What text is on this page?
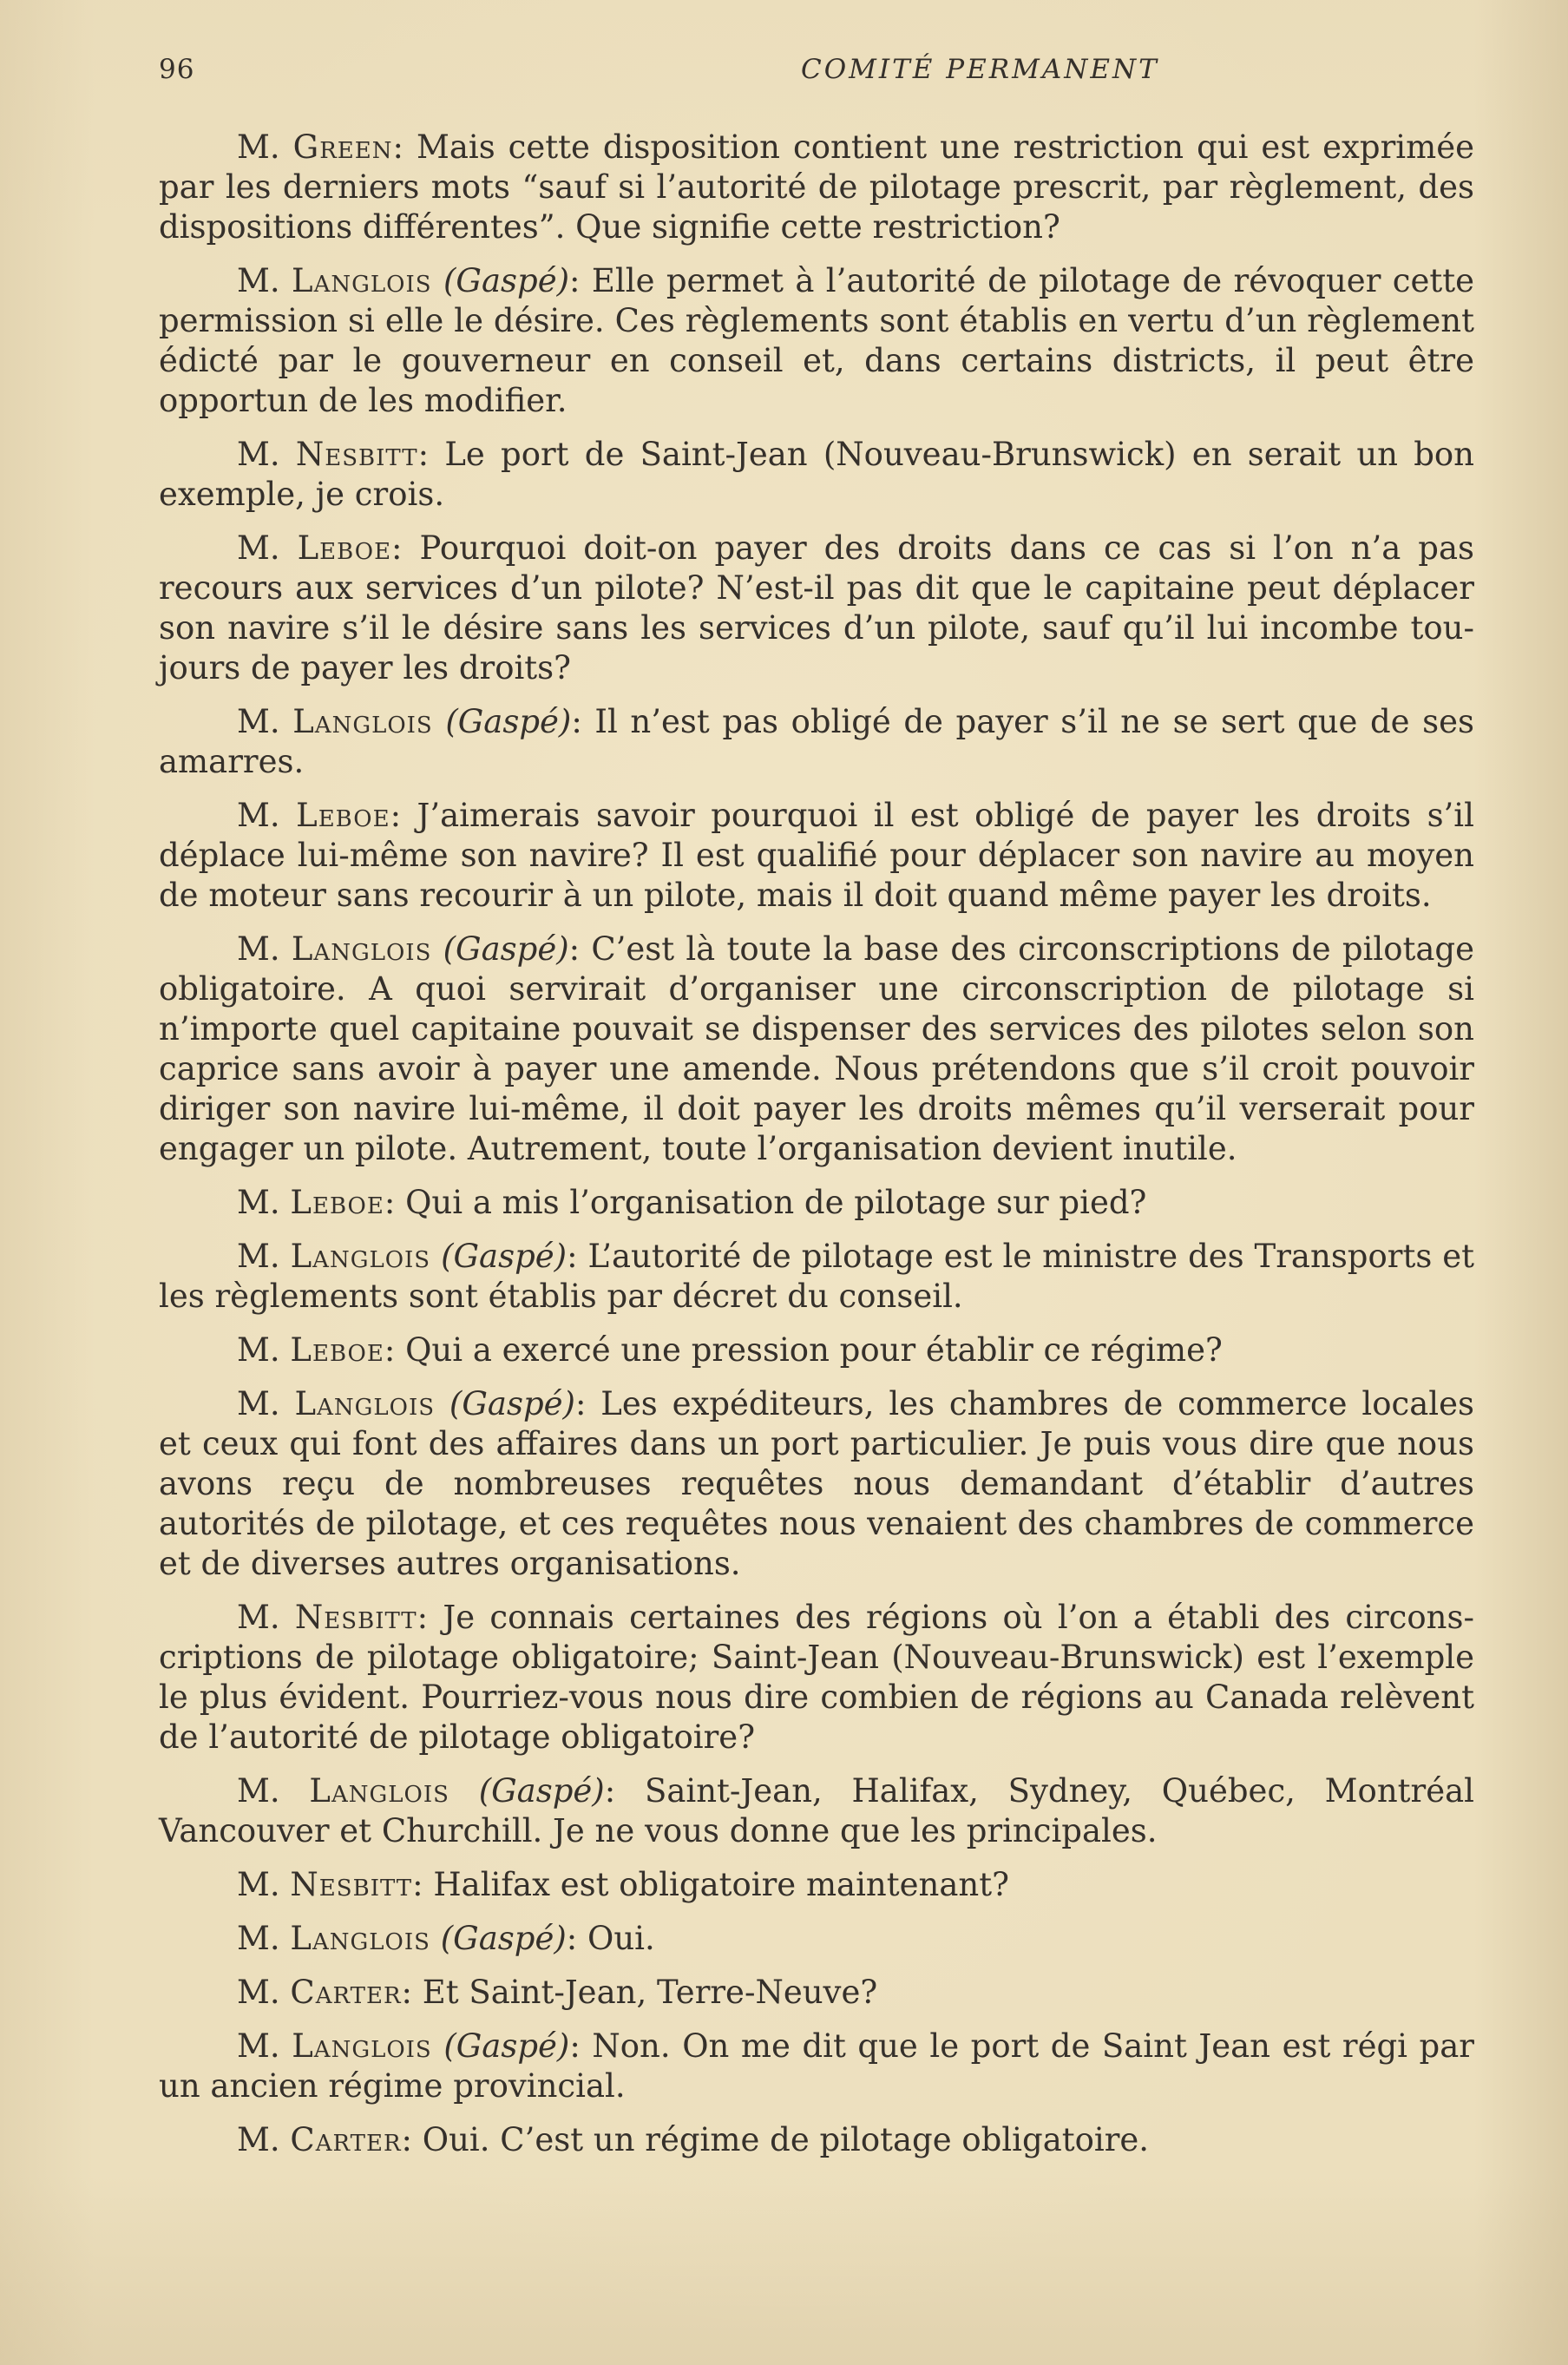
96	COMITÉ PERMANENT

M. Green: Mais cette disposition contient une restriction qui est exprimée par les derniers mots “sauf si l’autorité de pilotage prescrit, par règlement, des dispositions différentes”. Que signifie cette restriction?

M. Langlois (Gaspé): Elle permet à l’autorité de pilotage de révoquer cette permission si elle le désire. Ces règlements sont établis en vertu d’un règlement édicté par le gouverneur en conseil et, dans certains districts, il peut être opportun de les modifier.

M. Nesbitt: Le port de Saint-Jean (Nouveau-Brunswick) en serait un bon exemple, je crois.

M. Leboe: Pourquoi doit-on payer des droits dans ce cas si l’on n’a pas recours aux services d’un pilote? N’est-il pas dit que le capitaine peut déplacer son navire s’il le désire sans les services d’un pilote, sauf qu’il lui incombe toujours de payer les droits?

M. Langlois (Gaspé): Il n’est pas obligé de payer s’il ne se sert que de ses amarres.

M. Leboe: J’aimerais savoir pourquoi il est obligé de payer les droits s’il déplace lui-même son navire? Il est qualifié pour déplacer son navire au moyen de moteur sans recourir à un pilote, mais il doit quand même payer les droits.

M. Langlois (Gaspé): C’est là toute la base des circonscriptions de pilotage obligatoire. A quoi servirait d’organiser une circonscription de pilotage si n’importe quel capitaine pouvait se dispenser des services des pilotes selon son caprice sans avoir à payer une amende. Nous prétendons que s’il croit pouvoir diriger son navire lui-même, il doit payer les droits mêmes qu’il verserait pour engager un pilote. Autrement, toute l’organisation devient inutile.

M. Leboe: Qui a mis l’organisation de pilotage sur pied?

M. Langlois (Gaspé): L’autorité de pilotage est le ministre des Transports et les règlements sont établis par décret du conseil.

M. Leboe: Qui a exercé une pression pour établir ce régime?

M. Langlois (Gaspé): Les expéditeurs, les chambres de commerce locales et ceux qui font des affaires dans un port particulier. Je puis vous dire que nous avons reçu de nombreuses requêtes nous demandant d’établir d’autres autorités de pilotage, et ces requêtes nous venaient des chambres de commerce et de diverses autres organisations.

M. Nesbitt: Je connais certaines des régions où l’on a établi des circonscriptions de pilotage obligatoire; Saint-Jean (Nouveau-Brunswick) est l’exemple le plus évident. Pourriez-vous nous dire combien de régions au Canada relèvent de l’autorité de pilotage obligatoire?

M. Langlois (Gaspé): Saint-Jean, Halifax, Sydney, Québec, Montréal Vancouver et Churchill. Je ne vous donne que les principales.

M. Nesbitt: Halifax est obligatoire maintenant?

M. Langlois (Gaspé): Oui.

M. Carter: Et Saint-Jean, Terre-Neuve?

M. Langlois (Gaspé): Non. On me dit que le port de Saint Jean est régi par un ancien régime provincial.

M. Carter: Oui. C’est un régime de pilotage obligatoire.
